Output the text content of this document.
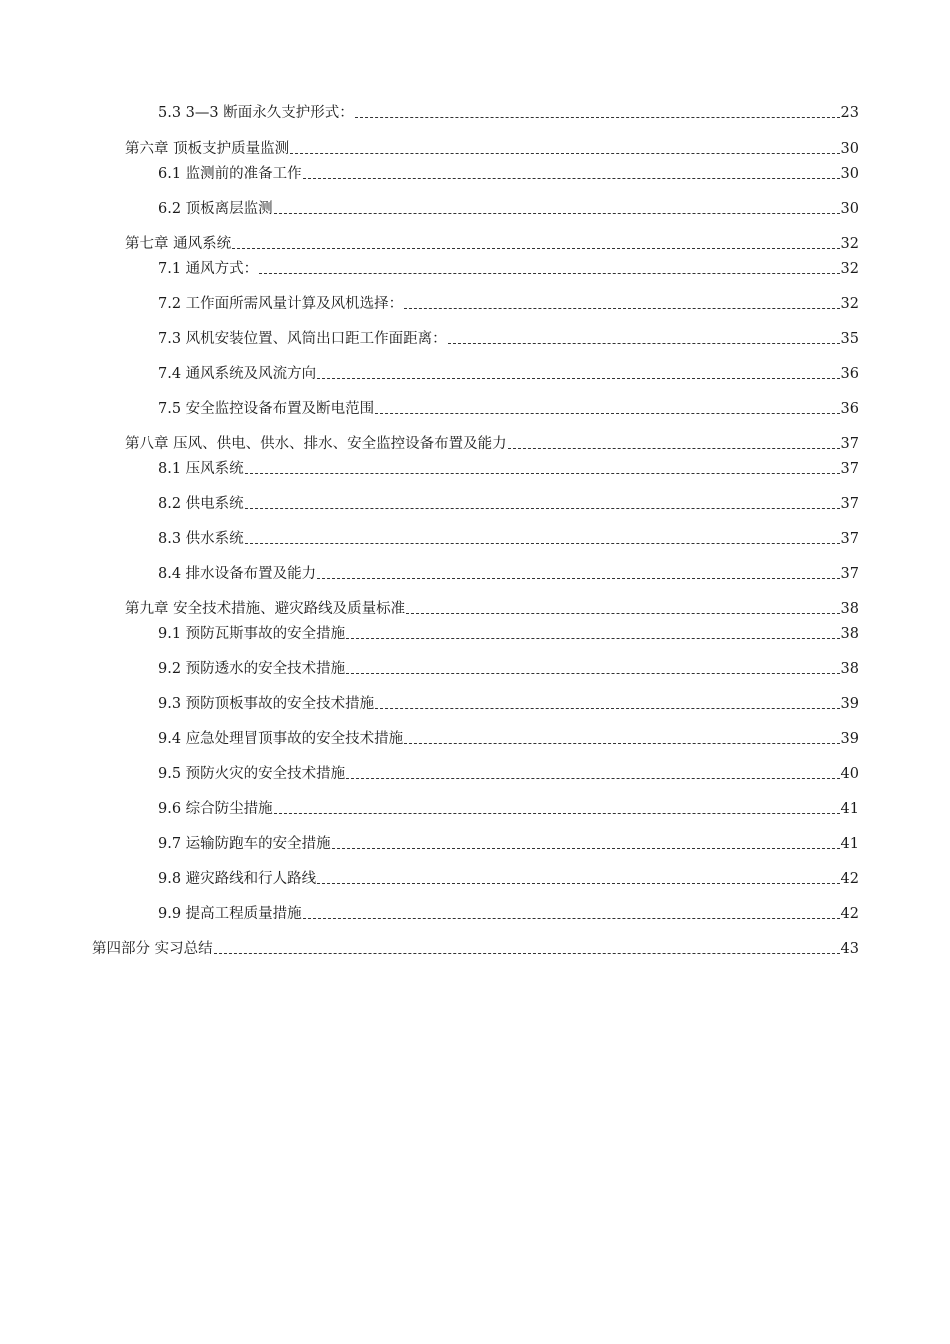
5.3 3—3 断面永久支护形式：	23
第六章 顶板支护质量监测	30
6.1 监测前的准备工作	30
6.2 顶板离层监测	30
第七章 通风系统	32
7.1 通风方式：	32
7.2 工作面所需风量计算及风机选择：	32
7.3 风机安装位置、风筒出口距工作面距离：	35
7.4 通风系统及风流方向	36
7.5 安全监控设备布置及断电范围	36
第八章 压风、供电、供水、排水、安全监控设备布置及能力	37
8.1 压风系统	37
8.2 供电系统	37
8.3 供水系统	37
8.4 排水设备布置及能力	37
第九章 安全技术措施、避灾路线及质量标准	38
9.1 预防瓦斯事故的安全措施	38
9.2 预防透水的安全技术措施	38
9.3 预防顶板事故的安全技术措施	39
9.4 应急处理冒顶事故的安全技术措施	39
9.5 预防火灾的安全技术措施	40
9.6 综合防尘措施	41
9.7 运输防跑车的安全措施	41
9.8 避灾路线和行人路线	42
9.9 提高工程质量措施	42
第四部分 实习总结	43
